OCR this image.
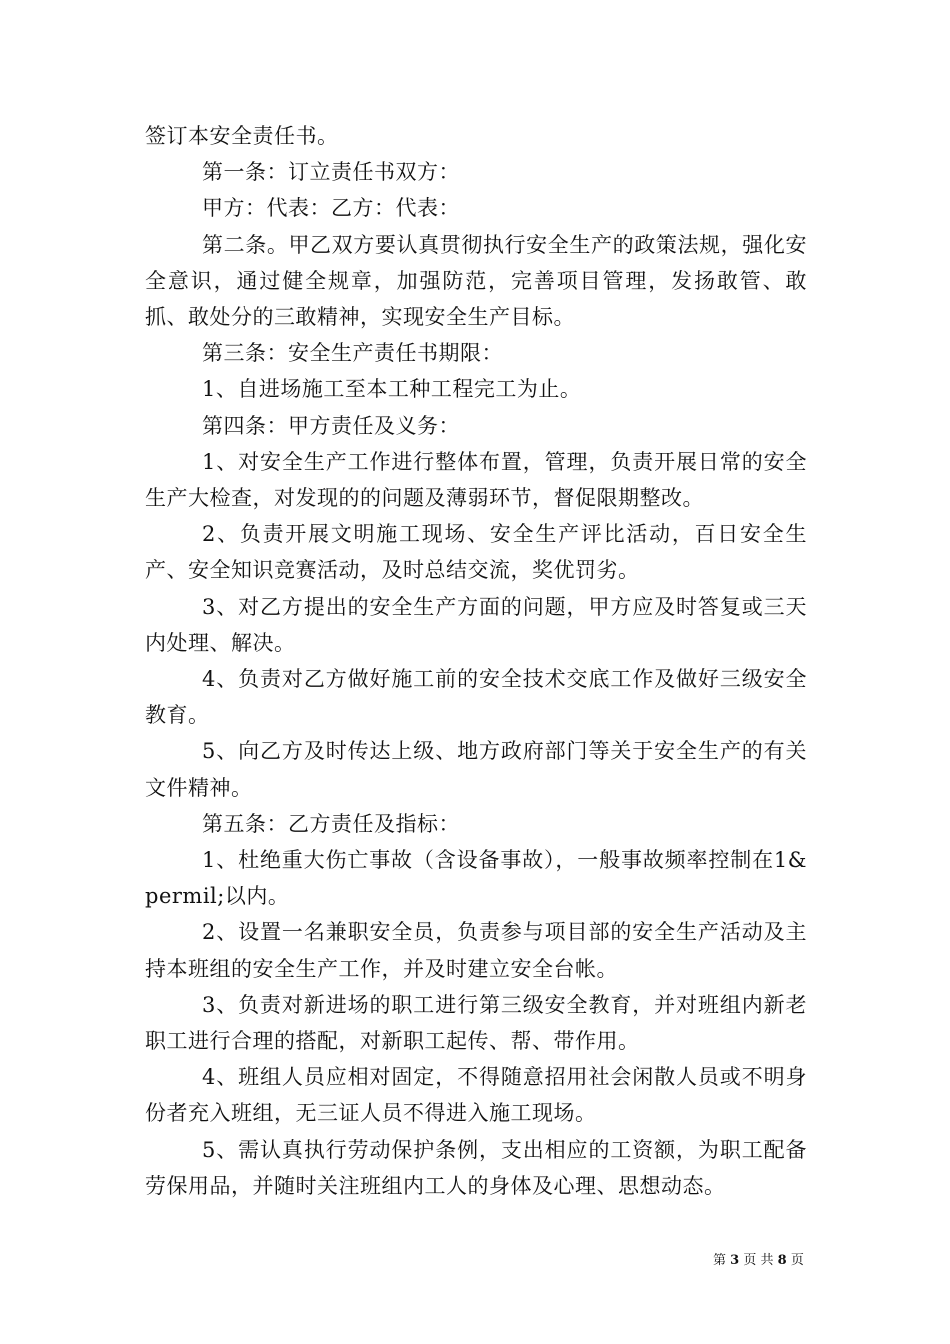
签订本安全责任书。

第一条：订立责任书双方：

甲方：代表：乙方：代表：

第二条。甲乙双方要认真贯彻执行安全生产的政策法规，强化安全意识，通过健全规章，加强防范，完善项目管理，发扬敢管、敢抓、敢处分的三敢精神，实现安全生产目标。

第三条：安全生产责任书期限：

1、自进场施工至本工种工程完工为止。

第四条：甲方责任及义务：

1、对安全生产工作进行整体布置，管理，负责开展日常的安全生产大检查，对发现的的问题及薄弱环节，督促限期整改。

2、负责开展文明施工现场、安全生产评比活动，百日安全生产、安全知识竞赛活动，及时总结交流，奖优罚劣。

3、对乙方提出的安全生产方面的问题，甲方应及时答复或三天内处理、解决。

4、负责对乙方做好施工前的安全技术交底工作及做好三级安全教育。

5、向乙方及时传达上级、地方政府部门等关于安全生产的有关文件精神。

第五条：乙方责任及指标：

1、杜绝重大伤亡事故（含设备事故），一般事故频率控制在1&permil;以内。

2、设置一名兼职安全员，负责参与项目部的安全生产活动及主持本班组的安全生产工作，并及时建立安全台帐。

3、负责对新进场的职工进行第三级安全教育，并对班组内新老职工进行合理的搭配，对新职工起传、帮、带作用。

4、班组人员应相对固定，不得随意招用社会闲散人员或不明身份者充入班组，无三证人员不得进入施工现场。

5、需认真执行劳动保护条例，支出相应的工资额，为职工配备劳保用品，并随时关注班组内工人的身体及心理、思想动态。

第 3 页 共 8 页
